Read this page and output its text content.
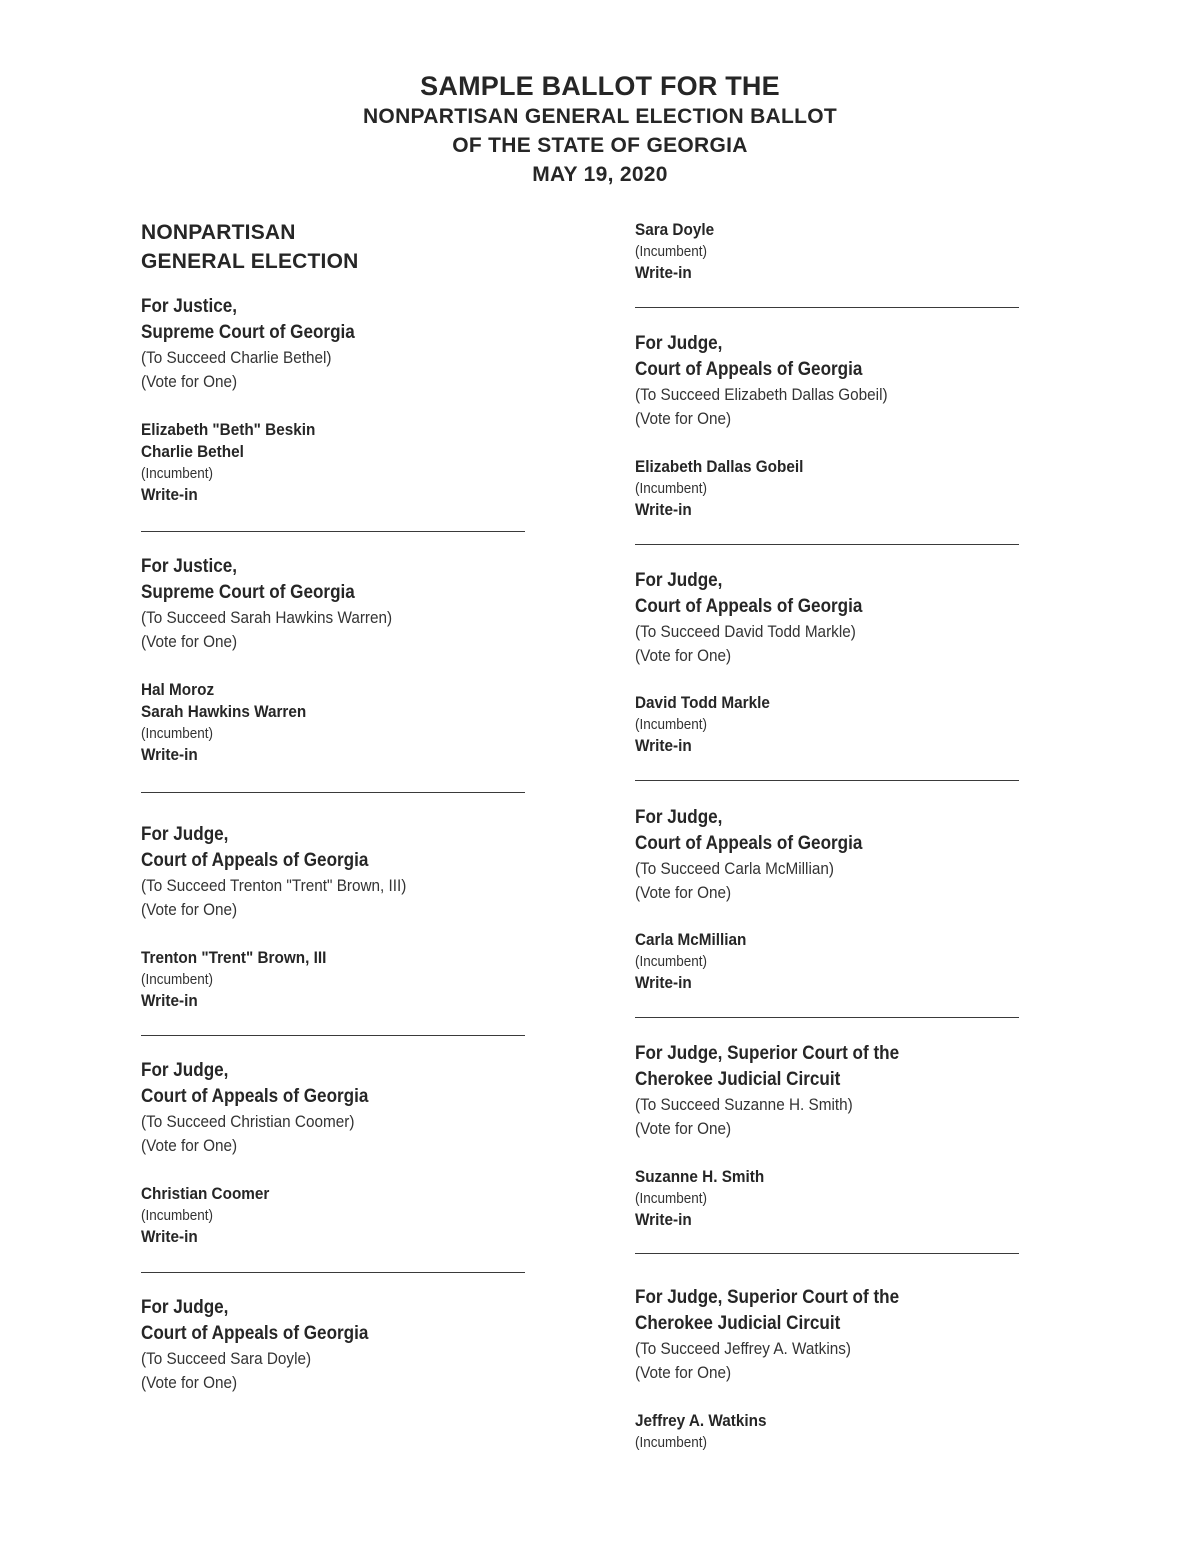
SAMPLE BALLOT FOR THE
NONPARTISAN GENERAL ELECTION BALLOT
OF THE STATE OF GEORGIA
MAY 19, 2020
NONPARTISAN
GENERAL ELECTION
For Justice,
Supreme Court of Georgia
(To Succeed Charlie Bethel)
(Vote for One)
Elizabeth "Beth" Beskin
Charlie Bethel
(Incumbent)
Write-in
For Justice,
Supreme Court of Georgia
(To Succeed Sarah Hawkins Warren)
(Vote for One)
Hal Moroz
Sarah Hawkins Warren
(Incumbent)
Write-in
For Judge,
Court of Appeals of Georgia
(To Succeed Trenton "Trent" Brown, III)
(Vote for One)
Trenton "Trent" Brown, III
(Incumbent)
Write-in
For Judge,
Court of Appeals of Georgia
(To Succeed Christian Coomer)
(Vote for One)
Christian Coomer
(Incumbent)
Write-in
For Judge,
Court of Appeals of Georgia
(To Succeed Sara Doyle)
(Vote for One)
Sara Doyle
(Incumbent)
Write-in
For Judge,
Court of Appeals of Georgia
(To Succeed Elizabeth Dallas Gobeil)
(Vote for One)
Elizabeth Dallas Gobeil
(Incumbent)
Write-in
For Judge,
Court of Appeals of Georgia
(To Succeed David Todd Markle)
(Vote for One)
David Todd Markle
(Incumbent)
Write-in
For Judge,
Court of Appeals of Georgia
(To Succeed Carla McMillian)
(Vote for One)
Carla McMillian
(Incumbent)
Write-in
For Judge, Superior Court of the
Cherokee Judicial Circuit
(To Succeed Suzanne H. Smith)
(Vote for One)
Suzanne H. Smith
(Incumbent)
Write-in
For Judge, Superior Court of the
Cherokee Judicial Circuit
(To Succeed Jeffrey A. Watkins)
(Vote for One)
Jeffrey A. Watkins
(Incumbent)
